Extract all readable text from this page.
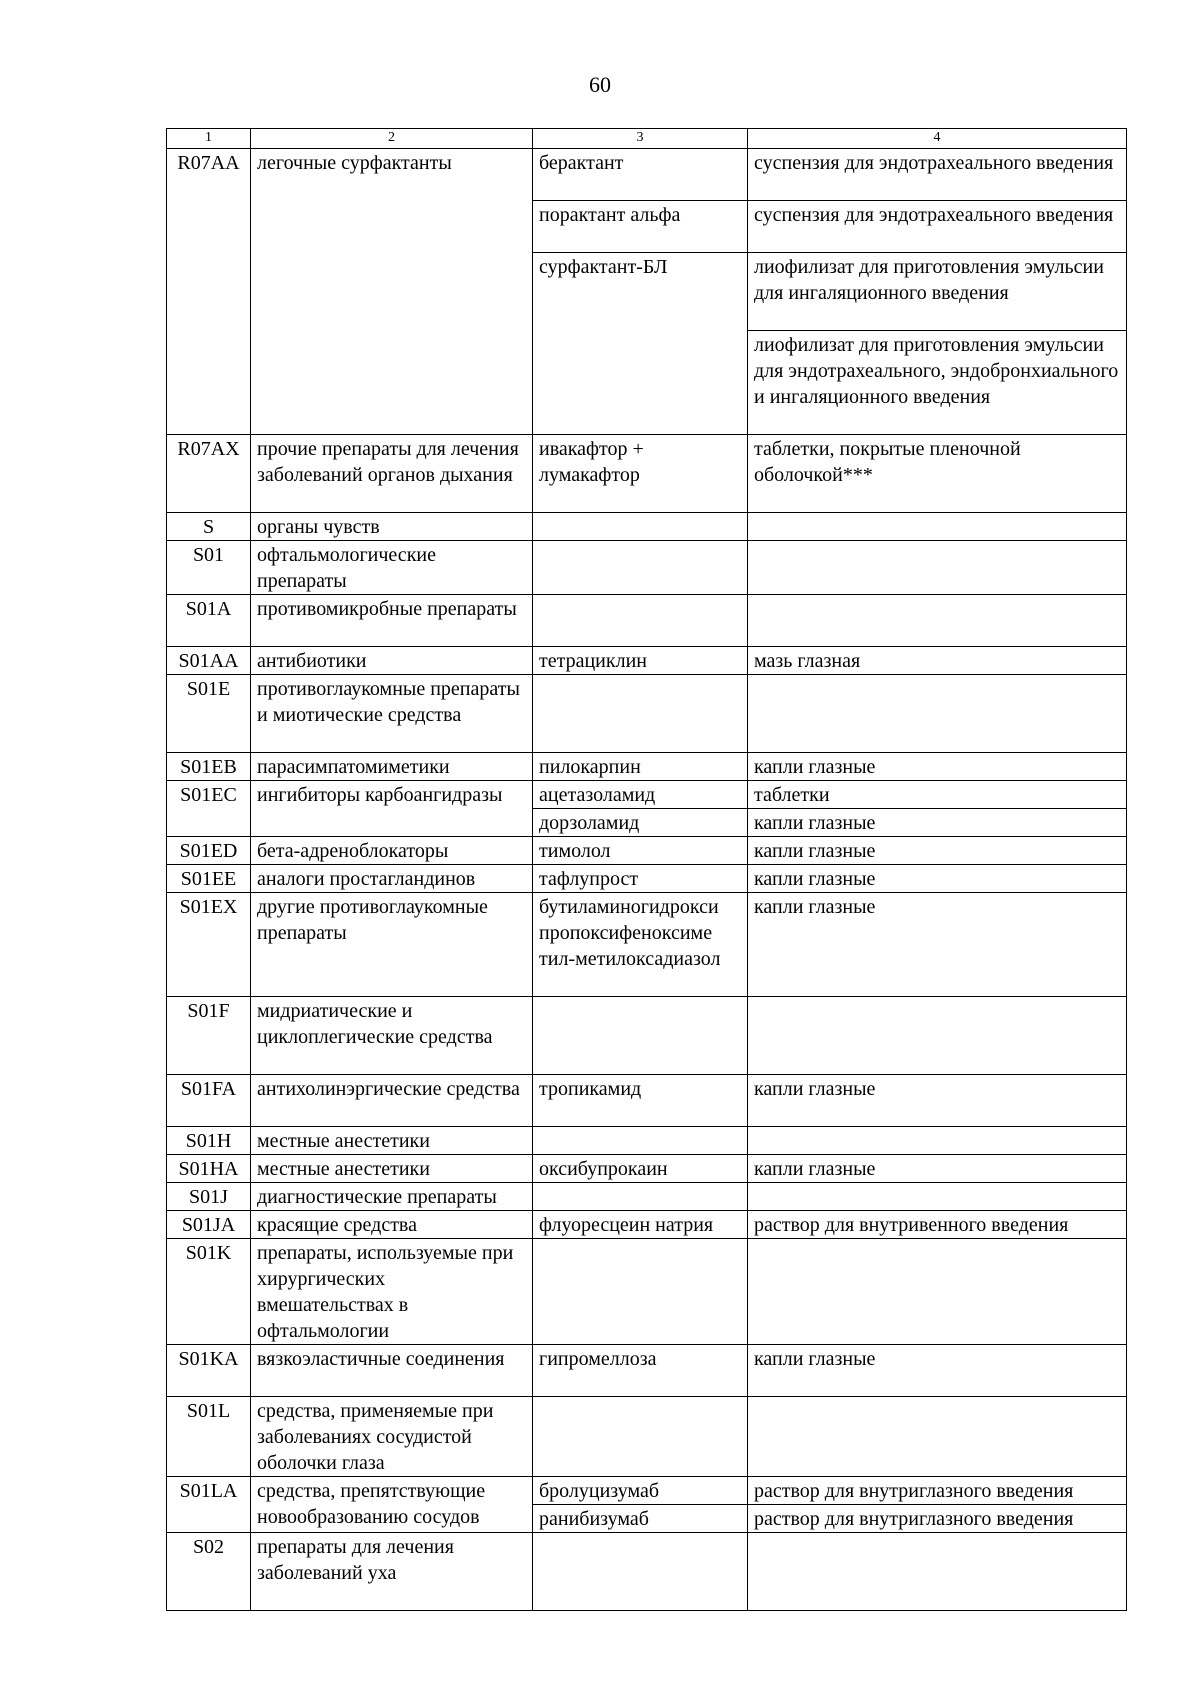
60
1	2	3	4
R07AA	легочные сурфактанты	берактант	суспензия для эндотрахеального введения
		порактант альфа	суспензия для эндотрахеального введения
		сурфактант-БЛ	лиофилизат для приготовления эмульсии для ингаляционного введения
			лиофилизат для приготовления эмульсии для эндотрахеального, эндобронхиального и ингаляционного введения
R07AX	прочие препараты для лечения заболеваний органов дыхания	ивакафтор + лумакафтор	таблетки, покрытые пленочной оболочкой***
S	органы чувств		
S01	офтальмологические препараты		
S01A	противомикробные препараты		
S01AA	антибиотики	тетрациклин	мазь глазная
S01E	противоглаукомные препараты и миотические средства		
S01EB	парасимпатомиметики	пилокарпин	капли глазные
S01EC	ингибиторы карбоангидразы	ацетазоламид	таблетки
		дорзоламид	капли глазные
S01ED	бета-адреноблокаторы	тимолол	капли глазные
S01EE	аналоги простагландинов	тафлупрост	капли глазные
S01EX	другие противоглаукомные препараты	бутиламиногидрокси пропоксифеноксиме тил-метилоксадиазол	капли глазные
S01F	мидриатические и циклоплегические средства		
S01FA	антихолинэргические средства	тропикамид	капли глазные
S01H	местные анестетики		
S01HA	местные анестетики	оксибупрокаин	капли глазные
S01J	диагностические препараты		
S01JA	красящие средства	флуоресцеин натрия	раствор для внутривенного введения
S01K	препараты, используемые при хирургических вмешательствах в офтальмологии		
S01KA	вязкоэластичные соединения	гипромеллоза	капли глазные
S01L	средства, применяемые при заболеваниях сосудистой оболочки глаза		
S01LA	средства, препятствующие новообразованию сосудов	бролуцизумаб	раствор для внутриглазного введения
		ранибизумаб	раствор для внутриглазного введения
S02	препараты для лечения заболеваний уха		
